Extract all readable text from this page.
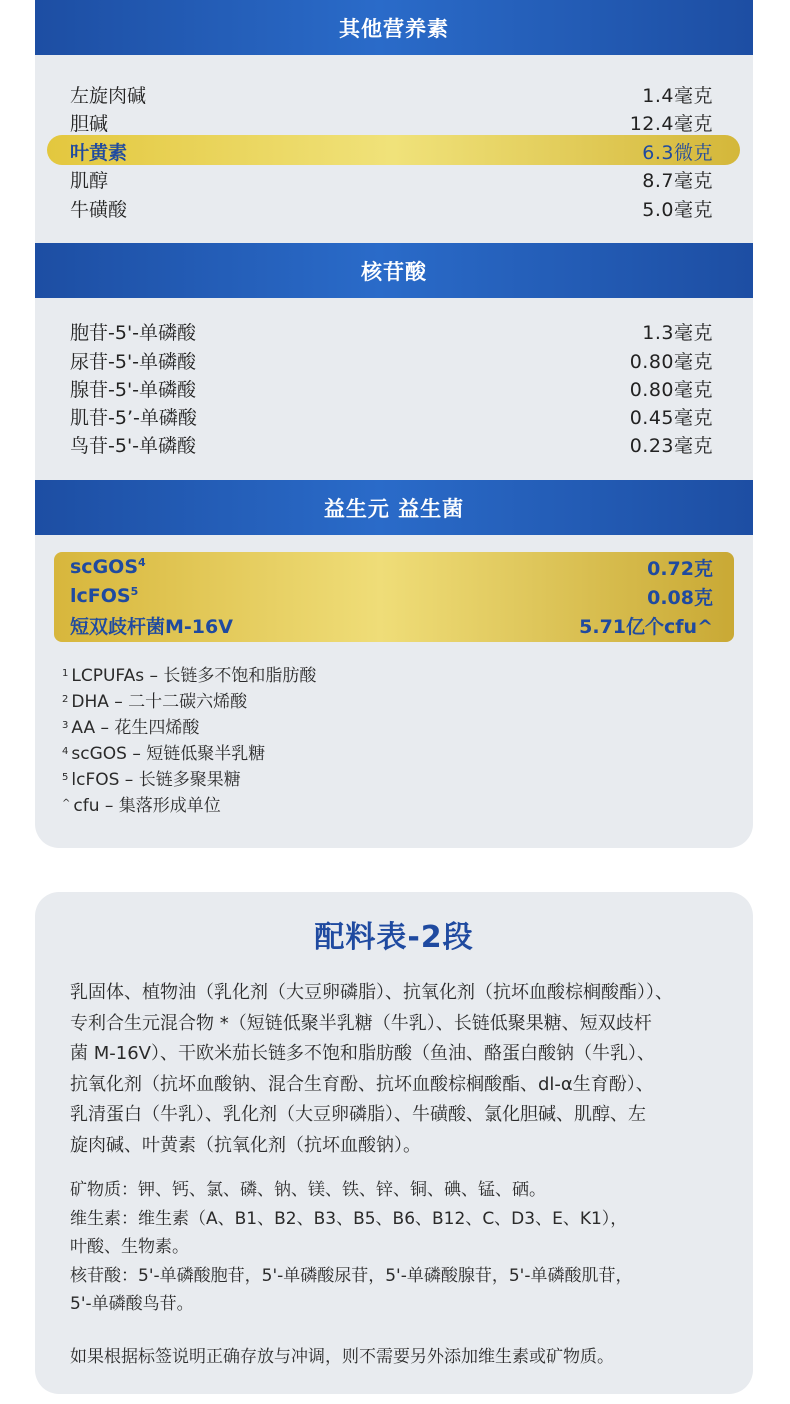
其他营养素
左旋肉碱	1.4毫克
胆碱	12.4毫克
叶黄素	6.3微克
肌醇	8.7毫克
牛磺酸	5.0毫克
核苷酸
胞苷-5'-单磷酸	1.3毫克
尿苷-5'-单磷酸	0.80毫克
腺苷-5'-单磷酸	0.80毫克
肌苷-5’-单磷酸	0.45毫克
鸟苷-5'-单磷酸	0.23毫克
益生元 益生菌
scGOS$^4$	0.72克
lcFOS$^5$	0.08克
短双歧杆菌M-16V	5.71亿个cfu^
1 LCPUFAs – 长链多不饱和脂肪酸
2 DHA – 二十二碳六烯酸
3 AA – 花生四烯酸
4 scGOS – 短链低聚半乳糖
5 lcFOS – 长链多聚果糖
^ cfu – 集落形成单位
配料表-2段
乳固体、植物油（乳化剂（大豆卵磷脂）、抗氧化剂（抗坏血酸棕榈酸酯））、
专利合生元混合物 *（短链低聚半乳糖（牛乳）、长链低聚果糖、短双歧杆
菌 M-16V）、干欧米茄长链多不饱和脂肪酸（鱼油、酪蛋白酸钠（牛乳）、
抗氧化剂（抗坏血酸钠、混合生育酚、抗坏血酸棕榈酸酯、dl-α生育酚）、
乳清蛋白（牛乳）、乳化剂（大豆卵磷脂）、牛磺酸、氯化胆碱、肌醇、左
旋肉碱、叶黄素（抗氧化剂（抗坏血酸钠）。
矿物质：钾、钙、氯、磷、钠、镁、铁、锌、铜、碘、锰、硒。
维生素：维生素（A、B1、B2、B3、B5、B6、B12、C、D3、E、K1），
叶酸、生物素。
核苷酸：5'-单磷酸胞苷，5'-单磷酸尿苷，5'-单磷酸腺苷，5'-单磷酸肌苷，
5'-单磷酸鸟苷。
如果根据标签说明正确存放与冲调，则不需要另外添加维生素或矿物质。
